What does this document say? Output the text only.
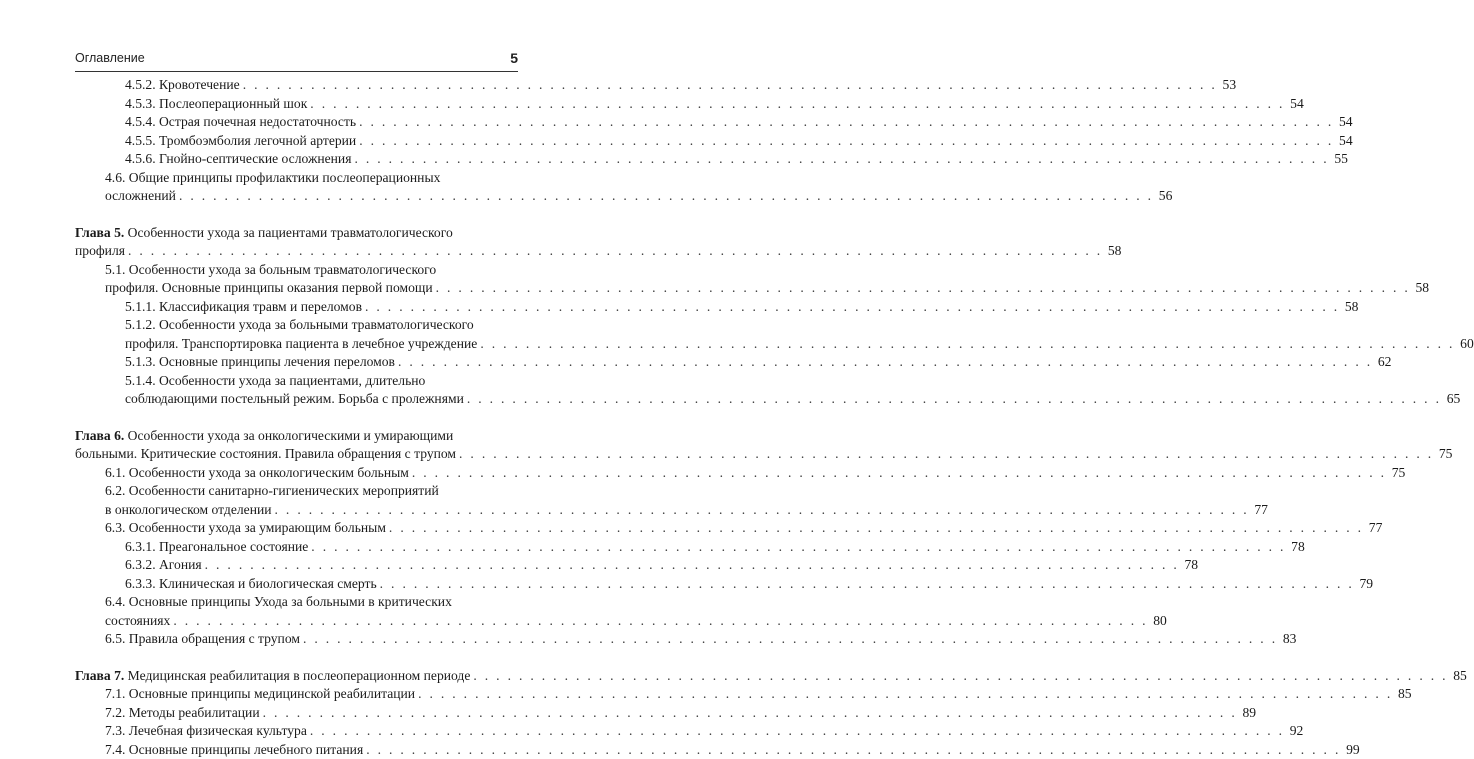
Оглавление	5
4.5.2. Кровотечение . . . . . . . . . . . . . . . . . . . . . . . . . . . . . . . . . . . . . . . . . . . . . . . . . . . . . . . . . . . . . . . . . . . . . . . . . . . . . . . . . . . . . . 53
4.5.3. Послеоперационный шок . . . . . . . . . . . . . . . . . . . . . . . . . . . . . . . . . . . . . . . . . . . . . . . . . . . . . . . . . . . . . . . . . . . . . . . . . . . . . . . . . . . . . . 54
4.5.4. Острая почечная недостаточность . . . . . . . . . . . . . . . . . . . . . . . . . . . . . . . . . . . . . . . . . . . . . . . . . . . . . . . . . . . . . . . . . . . . . . . . . . . . . . . . . . . . . . 54
4.5.5. Тромбоэмболия легочной артерии . . . . . . . . . . . . . . . . . . . . . . . . . . . . . . . . . . . . . . . . . . . . . . . . . . . . . . . . . . . . . . . . . . . . . . . . . . . . . . . . . . . . . . 54
4.5.6. Гнойно-септические осложнения . . . . . . . . . . . . . . . . . . . . . . . . . . . . . . . . . . . . . . . . . . . . . . . . . . . . . . . . . . . . . . . . . . . . . . . . . . . . . . . . . . . . . . 55
4.6. Общие принципы профилактики послеоперационных
осложнений . . . . . . . . . . . . . . . . . . . . . . . . . . . . . . . . . . . . . . . . . . . . . . . . . . . . . . . . . . . . . . . . . . . . . . . . . . . . . . . . . . . . . . 56
Глава 5. Особенности ухода за пациентами травматологического
профиля . . . . . . . . . . . . . . . . . . . . . . . . . . . . . . . . . . . . . . . . . . . . . . . . . . . . . . . . . . . . . . . . . . . . . . . . . . . . . . . . . . . . . . 58
5.1. Особенности ухода за больным травматологического
профиля. Основные принципы оказания первой помощи . . . . . . . . . . . . . . . . . . . . . . . . . . . . . . . . . . . . . . . . . . . . . . . . . . . . . . . . . . . . . . . . . . . . . . . . . . . . . . . . . . . . . . 58
5.1.1. Классификация травм и переломов . . . . . . . . . . . . . . . . . . . . . . . . . . . . . . . . . . . . . . . . . . . . . . . . . . . . . . . . . . . . . . . . . . . . . . . . . . . . . . . . . . . . . . 58
5.1.2. Особенности ухода за больными травматологического
профиля. Транспортировка пациента в лечебное учреждение . . . . . . . . . . . . . . . . . . . . . . . . . . . . . . . . . . . . . . . . . . . . . . . . . . . . . . . . . . . . . . . . . . . . . . . . . . . . . . . . . . . . . . 60
5.1.3. Основные принципы лечения переломов . . . . . . . . . . . . . . . . . . . . . . . . . . . . . . . . . . . . . . . . . . . . . . . . . . . . . . . . . . . . . . . . . . . . . . . . . . . . . . . . . . . . . . 62
5.1.4. Особенности ухода за пациентами, длительно
соблюдающими постельный режим. Борьба с пролежнями . . . . . . . . . . . . . . . . . . . . . . . . . . . . . . . . . . . . . . . . . . . . . . . . . . . . . . . . . . . . . . . . . . . . . . . . . . . . . . . . . . . . . . 65
Глава 6. Особенности ухода за онкологическими и умирающими
больными. Критические состояния. Правила обращения с трупом . . . . . . . . . . . . . . . . . . . . . . . . . . . . . . . . . . . . . . . . . . . . . . . . . . . . . . . . . . . . . . . . . . . . . . . . . . . . . . . . . . . . . . 75
6.1. Особенности ухода за онкологическим больным . . . . . . . . . . . . . . . . . . . . . . . . . . . . . . . . . . . . . . . . . . . . . . . . . . . . . . . . . . . . . . . . . . . . . . . . . . . . . . . . . . . . . . 75
6.2. Особенности санитарно-гигиенических мероприятий
в онкологическом отделении . . . . . . . . . . . . . . . . . . . . . . . . . . . . . . . . . . . . . . . . . . . . . . . . . . . . . . . . . . . . . . . . . . . . . . . . . . . . . . . . . . . . . . 77
6.3. Особенности ухода за умирающим больным . . . . . . . . . . . . . . . . . . . . . . . . . . . . . . . . . . . . . . . . . . . . . . . . . . . . . . . . . . . . . . . . . . . . . . . . . . . . . . . . . . . . . . 77
6.3.1. Преагональное состояние . . . . . . . . . . . . . . . . . . . . . . . . . . . . . . . . . . . . . . . . . . . . . . . . . . . . . . . . . . . . . . . . . . . . . . . . . . . . . . . . . . . . . . 78
6.3.2. Агония . . . . . . . . . . . . . . . . . . . . . . . . . . . . . . . . . . . . . . . . . . . . . . . . . . . . . . . . . . . . . . . . . . . . . . . . . . . . . . . . . . . . . . 78
6.3.3. Клиническая и биологическая смерть . . . . . . . . . . . . . . . . . . . . . . . . . . . . . . . . . . . . . . . . . . . . . . . . . . . . . . . . . . . . . . . . . . . . . . . . . . . . . . . . . . . . . . 79
6.4. Основные принципы Ухода за больными в критических
состояниях . . . . . . . . . . . . . . . . . . . . . . . . . . . . . . . . . . . . . . . . . . . . . . . . . . . . . . . . . . . . . . . . . . . . . . . . . . . . . . . . . . . . . . 80
6.5. Правила обращения с трупом . . . . . . . . . . . . . . . . . . . . . . . . . . . . . . . . . . . . . . . . . . . . . . . . . . . . . . . . . . . . . . . . . . . . . . . . . . . . . . . . . . . . . . 83
Глава 7. Медицинская реабилитация в послеоперационном периоде . . . . . . . . . . . . . . . . . . . . . . . . . . . . . . . . . . . . . . . . . . . . . . . . . . . . . . . . . . . . . . . . . . . . . . . . . . . . . . . . . . . . . . 85
7.1. Основные принципы медицинской реабилитации . . . . . . . . . . . . . . . . . . . . . . . . . . . . . . . . . . . . . . . . . . . . . . . . . . . . . . . . . . . . . . . . . . . . . . . . . . . . . . . . . . . . . . 85
7.2. Методы реабилитации . . . . . . . . . . . . . . . . . . . . . . . . . . . . . . . . . . . . . . . . . . . . . . . . . . . . . . . . . . . . . . . . . . . . . . . . . . . . . . . . . . . . . . 89
7.3. Лечебная физическая культура . . . . . . . . . . . . . . . . . . . . . . . . . . . . . . . . . . . . . . . . . . . . . . . . . . . . . . . . . . . . . . . . . . . . . . . . . . . . . . . . . . . . . . 92
7.4. Основные принципы лечебного питания . . . . . . . . . . . . . . . . . . . . . . . . . . . . . . . . . . . . . . . . . . . . . . . . . . . . . . . . . . . . . . . . . . . . . . . . . . . . . . . . . . . . . . 99
